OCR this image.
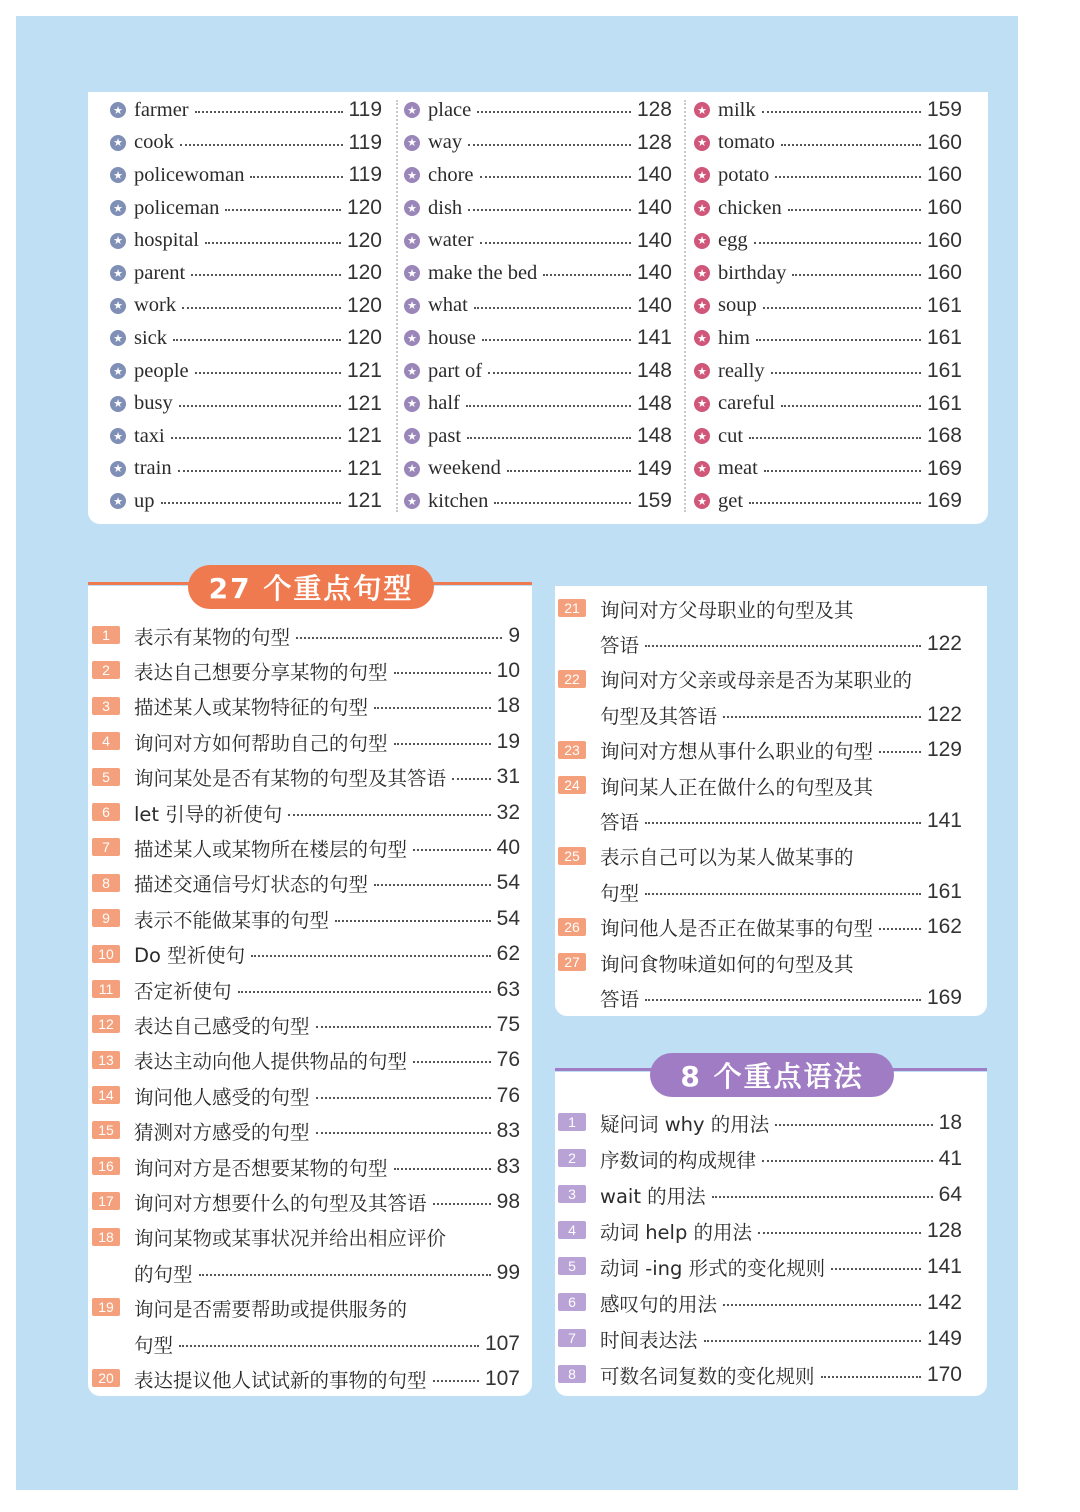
★ farmer	119
★ cook	119
★ policewoman	119
★ policeman	120
★ hospital	120
★ parent	120
★ work	120
★ sick	120
★ people	121
★ busy	121
★ taxi	121
★ train	121
★ up	121
★ place	128
★ way	128
★ chore	140
★ dish	140
★ water	140
★ make the bed	140
★ what	140
★ house	141
★ part of	148
★ half	148
★ past	148
★ weekend	149
★ kitchen	159
★ milk	159
★ tomato	160
★ potato	160
★ chicken	160
★ egg	160
★ birthday	160
★ soup	161
★ him	161
★ really	161
★ careful	161
★ cut	168
★ meat	169
★ get	169
27 个重点句型
1	表示有某物的句型	9
2	表达自己想要分享某物的句型	10
3	描述某人或某物特征的句型	18
4	询问对方如何帮助自己的句型	19
5	询问某处是否有某物的句型及其答语 31
6	let 引导的祈使句	32
7	描述某人或某物所在楼层的句型	40
8	描述交通信号灯状态的句型	54
9	表示不能做某事的句型	54
10	Do 型祈使句	62
11	否定祈使句	63
12	表达自己感受的句型	75
13	表达主动向他人提供物品的句型	76
14	询问他人感受的句型	76
15	猜测对方感受的句型	83
16	询问对方是否想要某物的句型	83
17	询问对方想要什么的句型及其答语	98
18	询问某物或某事状况并给出相应评价
的句型	99
19	询问是否需要帮助或提供服务的
句型	107
20	表达提议他人试试新的事物的句型	107
21	询问对方父母职业的句型及其
答语	122
22	询问对方父亲或母亲是否为某职业的
句型及其答语	122
23	询问对方想从事什么职业的句型	129
24	询问某人正在做什么的句型及其
答语	141
25	表示自己可以为某人做某事的
句型	161
26	询问他人是否正在做某事的句型	162
27	询问食物味道如何的句型及其
答语	169
8 个重点语法
1	疑问词 why 的用法	18
2	序数词的构成规律	41
3	wait 的用法	64
4	动词 help 的用法	128
5	动词 -ing 形式的变化规则	141
6	感叹句的用法	142
7	时间表达法	149
8	可数名词复数的变化规则	170
